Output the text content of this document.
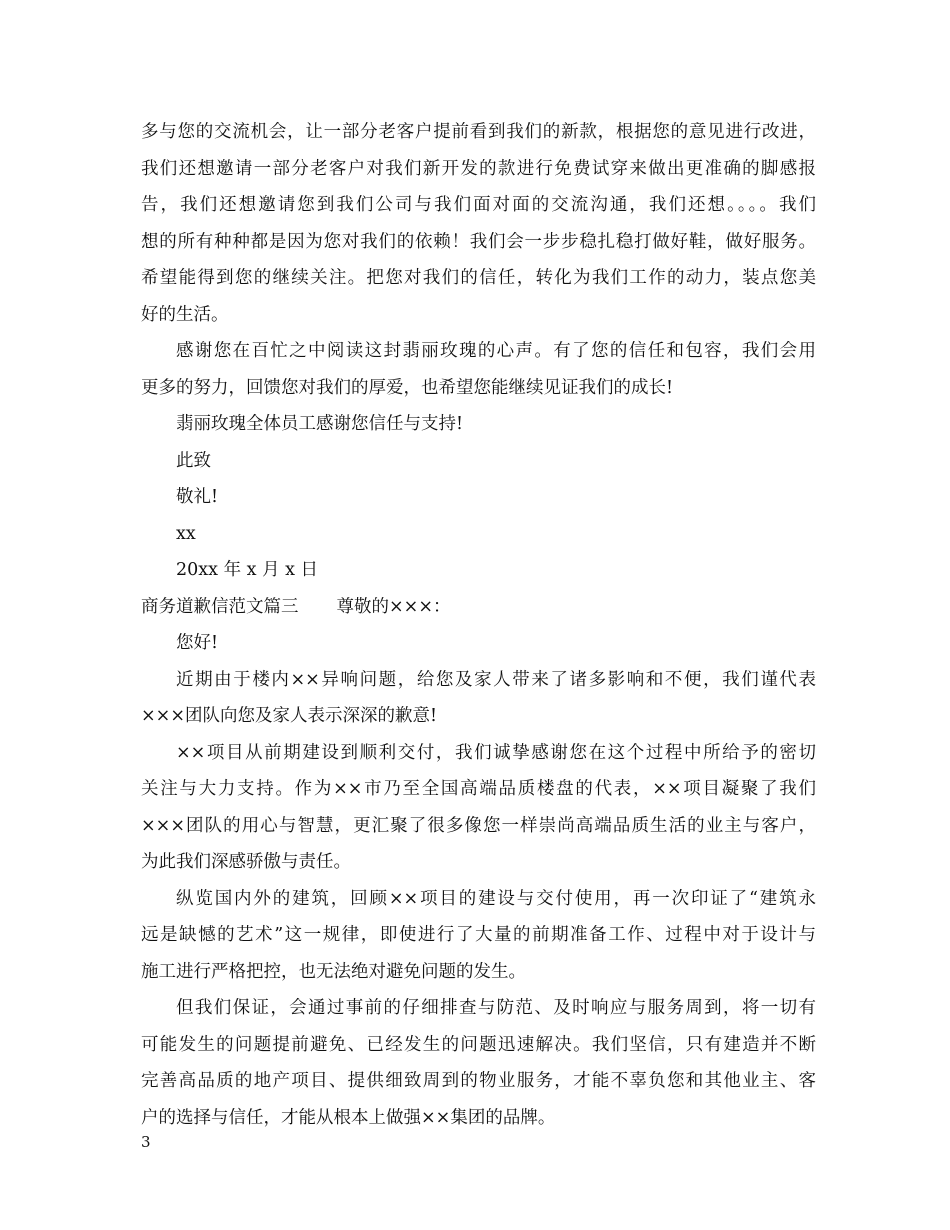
多与您的交流机会，让一部分老客户提前看到我们的新款，根据您的意见进行改进，
我们还想邀请一部分老客户对我们新开发的款进行免费试穿来做出更准确的脚感报
告，我们还想邀请您到我们公司与我们面对面的交流沟通，我们还想。。。。我们
想的所有种种都是因为您对我们的依赖！我们会一步步稳扎稳打做好鞋，做好服务。
希望能得到您的继续关注。把您对我们的信任，转化为我们工作的动力，装点您美
好的生活。
感谢您在百忙之中阅读这封翡丽玫瑰的心声。有了您的信任和包容，我们会用
更多的努力，回馈您对我们的厚爱，也希望您能继续见证我们的成长!
翡丽玫瑰全体员工感谢您信任与支持!
此致
敬礼!
xx
20xx 年 x 月 x 日
商务道歉信范文篇三 尊敬的×××：
您好!
近期由于楼内××异响问题，给您及家人带来了诸多影响和不便，我们谨代表
×××团队向您及家人表示深深的歉意!
××项目从前期建设到顺利交付，我们诚挚感谢您在这个过程中所给予的密切
关注与大力支持。作为××市乃至全国高端品质楼盘的代表，××项目凝聚了我们
×××团队的用心与智慧，更汇聚了很多像您一样崇尚高端品质生活的业主与客户，
为此我们深感骄傲与责任。
纵览国内外的建筑，回顾××项目的建设与交付使用，再一次印证了“建筑永
远是缺憾的艺术”这一规律，即使进行了大量的前期准备工作、过程中对于设计与
施工进行严格把控，也无法绝对避免问题的发生。
但我们保证，会通过事前的仔细排查与防范、及时响应与服务周到，将一切有
可能发生的问题提前避免、已经发生的问题迅速解决。我们坚信，只有建造并不断
完善高品质的地产项目、提供细致周到的物业服务，才能不辜负您和其他业主、客
户的选择与信任，才能从根本上做强××集团的品牌。
3
